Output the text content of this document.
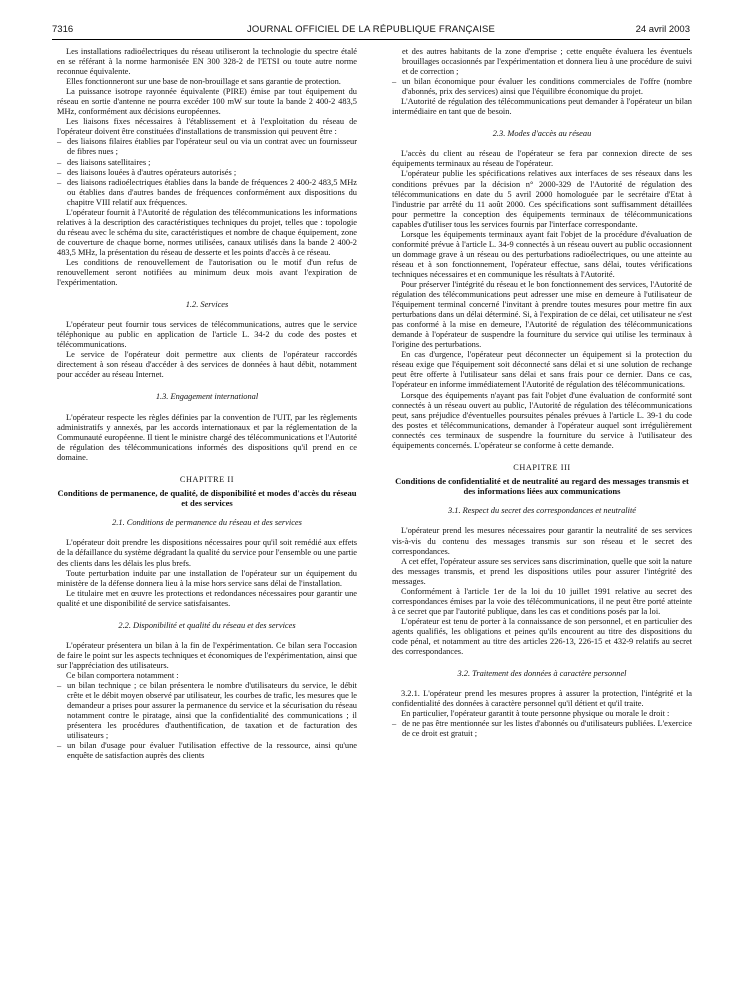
7316	JOURNAL OFFICIEL DE LA RÉPUBLIQUE FRANÇAISE	24 avril 2003

Les installations radioélectriques du réseau utiliseront la technologie du spectre étalé en se référant à la norme harmonisée EN 300 328-2 de l'ETSI ou toute autre norme reconnue équivalente.

Elles fonctionneront sur une base de non-brouillage et sans garantie de protection.

La puissance isotrope rayonnée équivalente (PIRE) émise par tout équipement du réseau en sortie d'antenne ne pourra excéder 100 mW sur toute la bande 2 400-2 483,5 MHz, conformément aux décisions européennes.

Les liaisons fixes nécessaires à l'établissement et à l'exploitation du réseau de l'opérateur doivent être constituées d'installations de transmission qui peuvent être :

– des liaisons filaires établies par l'opérateur seul ou via un contrat avec un fournisseur de fibres nues ;
– des liaisons satellitaires ;
– des liaisons louées à d'autres opérateurs autorisés ;
– des liaisons radioélectriques établies dans la bande de fréquences 2 400-2 483,5 MHz ou établies dans d'autres bandes de fréquences conformément aux dispositions du chapitre VIII relatif aux fréquences.

L'opérateur fournit à l'Autorité de régulation des télécommunications les informations relatives à la description des caractéristiques techniques du projet, telles que : topologie du réseau avec le schéma du site, caractéristiques et nombre de chaque équipement, zone de couverture de chaque borne, normes utilisées, canaux utilisés dans la bande 2 400-2 483,5 MHz, la présentation du réseau de desserte et les points d'accès à ce réseau.

Les conditions de renouvellement de l'autorisation ou le motif d'un refus de renouvellement seront notifiées au minimum deux mois avant l'expiration de l'expérimentation.

1.2. Services

L'opérateur peut fournir tous services de télécommunications, autres que le service téléphonique au public en application de l'article L. 34-2 du code des postes et télécommunications.

Le service de l'opérateur doit permettre aux clients de l'opérateur raccordés directement à son réseau d'accéder à des services de données à haut débit, notamment pour accéder au réseau Internet.

1.3. Engagement international

L'opérateur respecte les règles définies par la convention de l'UIT, par les règlements administratifs y annexés, par les accords internationaux et par la réglementation de la Communauté européenne. Il tient le ministre chargé des télécommunications et l'Autorité de régulation des télécommunications informés des dispositions qu'il prend en ce domaine.

CHAPITRE II

Conditions de permanence, de qualité, de disponibilité et modes d'accès du réseau et des services

2.1. Conditions de permanence du réseau et des services

L'opérateur doit prendre les dispositions nécessaires pour qu'il soit remédié aux effets de la défaillance du système dégradant la qualité du service pour l'ensemble ou une partie des clients dans les délais les plus brefs.

Toute perturbation induite par une installation de l'opérateur sur un équipement du ministère de la défense donnera lieu à la mise hors service sans délai de l'installation.

Le titulaire met en œuvre les protections et redondances nécessaires pour garantir une qualité et une disponibilité de service satisfaisantes.

2.2. Disponibilité et qualité du réseau et des services

L'opérateur présentera un bilan à la fin de l'expérimentation. Ce bilan sera l'occasion de faire le point sur les aspects techniques et économiques de l'expérimentation, ainsi que sur l'appréciation des utilisateurs.

Ce bilan comportera notamment :

– un bilan technique ; ce bilan présentera le nombre d'utilisateurs du service, le débit crête et le débit moyen observé par utilisateur, les courbes de trafic, les mesures que le demandeur a prises pour assurer la permanence du service et la sécurisation du réseau notamment contre le piratage, ainsi que la confidentialité des communications ; il présentera les procédures d'authentification, de taxation et de facturation des utilisateurs ;
– un bilan d'usage pour évaluer l'utilisation effective de la ressource, ainsi qu'une enquête de satisfaction auprès des clients

et des autres habitants de la zone d'emprise ; cette enquête évaluera les éventuels brouillages occasionnés par l'expérimentation et donnera lieu à une procédure de suivi et de correction ;

– un bilan économique pour évaluer les conditions commerciales de l'offre (nombre d'abonnés, prix des services) ainsi que l'équilibre économique du projet.

L'Autorité de régulation des télécommunications peut demander à l'opérateur un bilan intermédiaire en tant que de besoin.

2.3. Modes d'accès au réseau

L'accès du client au réseau de l'opérateur se fera par connexion directe de ses équipements terminaux au réseau de l'opérateur.

L'opérateur publie les spécifications relatives aux interfaces de ses réseaux dans les conditions prévues par la décision n° 2000-329 de l'Autorité de régulation des télécommunications en date du 5 avril 2000 homologuée par le secrétaire d'Etat à l'industrie par arrêté du 11 août 2000. Ces spécifications sont suffisamment détaillées pour permettre la conception des équipements terminaux de télécommunications capables d'utiliser tous les services fournis par l'interface correspondante.

Lorsque les équipements terminaux ayant fait l'objet de la procédure d'évaluation de conformité prévue à l'article L. 34-9 connectés à un réseau ouvert au public occasionnent un dommage grave à un réseau ou des perturbations radioélectriques, ou une atteinte au réseau et à son fonctionnement, l'opérateur effectue, sans délai, toutes vérifications techniques nécessaires et en communique les résultats à l'Autorité.

Pour préserver l'intégrité du réseau et le bon fonctionnement des services, l'Autorité de régulation des télécommunications peut adresser une mise en demeure à l'utilisateur de l'équipement terminal concerné l'invitant à prendre toutes mesures pour mettre fin aux perturbations dans un délai déterminé. Si, à l'expiration de ce délai, cet utilisateur ne s'est pas conformé à la mise en demeure, l'Autorité de régulation des télécommunications demande à l'opérateur de suspendre la fourniture du service qui utilise les terminaux à l'origine des perturbations.

En cas d'urgence, l'opérateur peut déconnecter un équipement si la protection du réseau exige que l'équipement soit déconnecté sans délai et si une solution de rechange peut être offerte à l'utilisateur sans délai et sans frais pour ce dernier. Dans ce cas, l'opérateur en informe immédiatement l'Autorité de régulation des télécommunications.

Lorsque des équipements n'ayant pas fait l'objet d'une évaluation de conformité sont connectés à un réseau ouvert au public, l'Autorité de régulation des télécommunications peut, sans préjudice d'éventuelles poursuites pénales prévues à l'article L. 39-1 du code des postes et télécommunications, demander à l'opérateur auquel sont irrégulièrement connectés ces terminaux de suspendre la fourniture du service à l'utilisateur des équipements concernés. L'opérateur se conforme à cette demande.

CHAPITRE III

Conditions de confidentialité et de neutralité au regard des messages transmis et des informations liées aux communications

3.1. Respect du secret des correspondances et neutralité

L'opérateur prend les mesures nécessaires pour garantir la neutralité de ses services vis-à-vis du contenu des messages transmis sur son réseau et le secret des correspondances.

A cet effet, l'opérateur assure ses services sans discrimination, quelle que soit la nature des messages transmis, et prend les dispositions utiles pour assurer l'intégrité des messages.

Conformément à l'article 1er de la loi du 10 juillet 1991 relative au secret des correspondances émises par la voie des télécommunications, il ne peut être porté atteinte à ce secret que par l'autorité publique, dans les cas et conditions posés par la loi.

L'opérateur est tenu de porter à la connaissance de son personnel, et en particulier des agents qualifiés, les obligations et peines qu'ils encourent au titre des dispositions du code pénal, et notamment au titre des articles 226-13, 226-15 et 432-9 relatifs au secret des correspondances.

3.2. Traitement des données à caractère personnel

3.2.1. L'opérateur prend les mesures propres à assurer la protection, l'intégrité et la confidentialité des données à caractère personnel qu'il détient et qu'il traite.

En particulier, l'opérateur garantit à toute personne physique ou morale le droit :

– de ne pas être mentionnée sur les listes d'abonnés ou d'utilisateurs publiées. L'exercice de ce droit est gratuit ;
